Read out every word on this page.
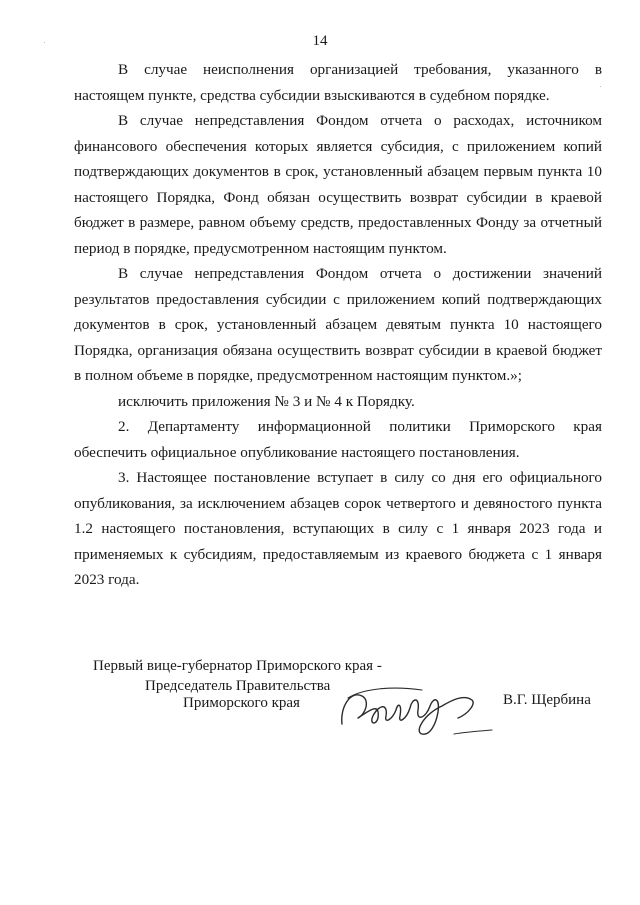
14

В случае неисполнения организацией требования, указанного в настоящем пункте, средства субсидии взыскиваются в судебном порядке.

В случае непредставления Фондом отчета о расходах, источником финансового обеспечения которых является субсидия, с приложением копий подтверждающих документов в срок, установленный абзацем первым пункта 10 настоящего Порядка, Фонд обязан осуществить возврат субсидии в краевой бюджет в размере, равном объему средств, предоставленных Фонду за отчетный период в порядке, предусмотренном настоящим пунктом.

В случае непредставления Фондом отчета о достижении значений результатов предоставления субсидии с приложением копий подтверждающих документов в срок, установленный абзацем девятым пункта 10 настоящего Порядка, организация обязана осуществить возврат субсидии в краевой бюджет в полном объеме в порядке, предусмотренном настоящим пунктом.»;

исключить приложения № 3 и № 4 к Порядку.

2. Департаменту информационной политики Приморского края обеспечить официальное опубликование настоящего постановления.

3. Настоящее постановление вступает в силу со дня его официального опубликования, за исключением абзацев сорок четвертого и девяностого пункта 1.2 настоящего постановления, вступающих в силу с 1 января 2023 года и применяемых к субсидиям, предоставляемым из краевого бюджета с 1 января 2023 года.

Первый вице-губернатор Приморского края -
Председатель Правительства
Приморского края	В.Г. Щербина
